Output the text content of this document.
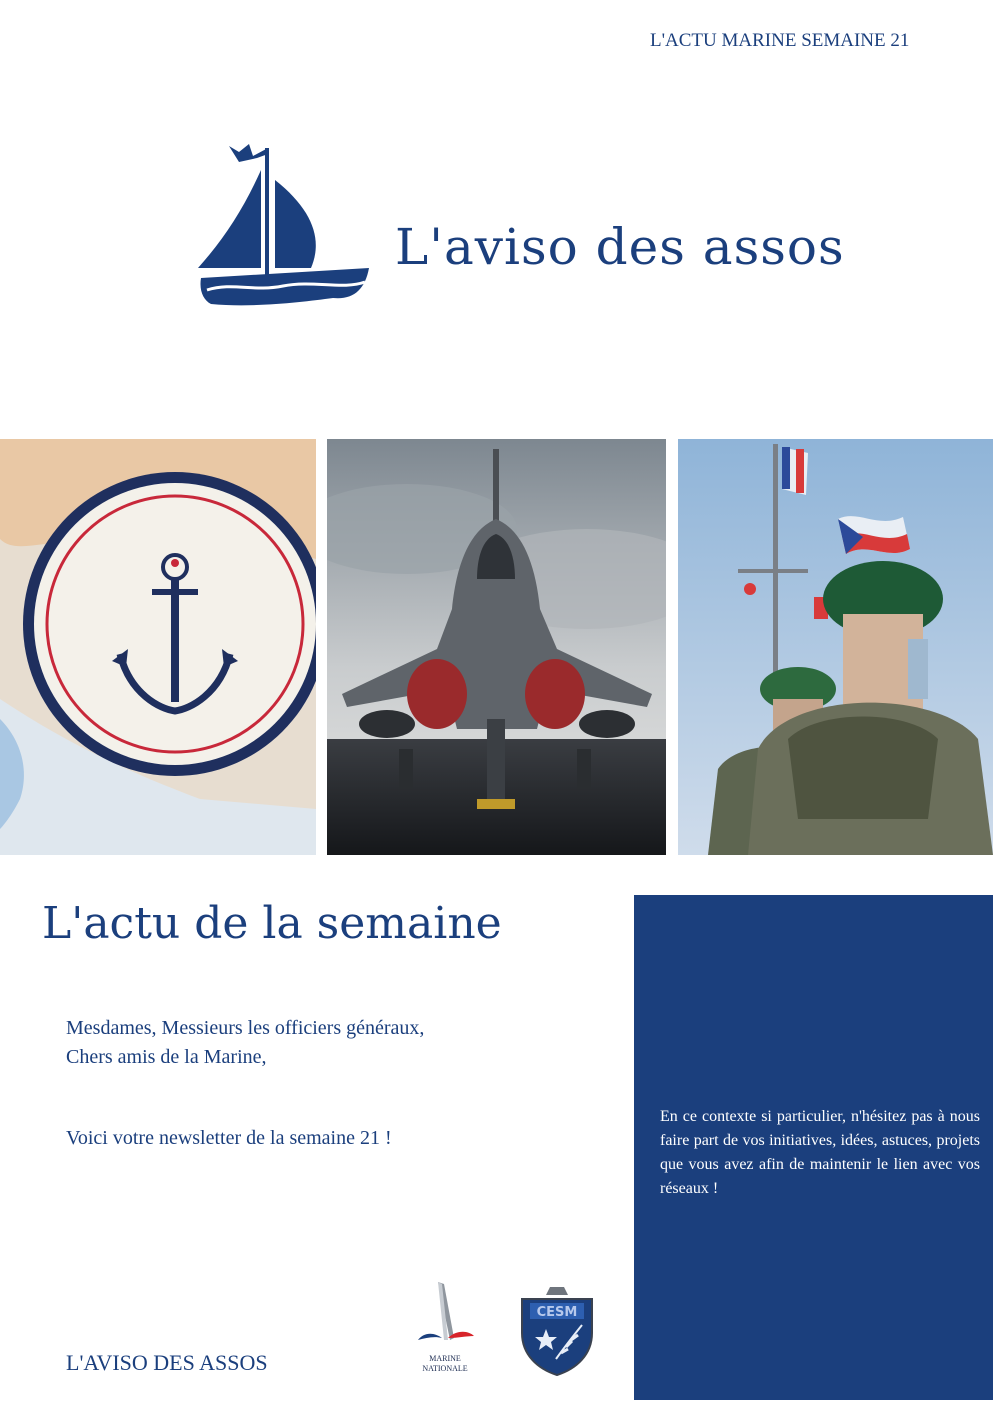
L'ACTU MARINE SEMAINE 21
L'aviso des assos
L'actu de la semaine
Mesdames, Messieurs les officiers généraux,
Chers amis de la Marine,
Voici votre newsletter de la semaine 21 !
MARINE
NATIONALE
CESM
L'AVISO DES ASSOS
En ce contexte si particulier, n'hésitez pas à nous faire part de vos initiatives, idées, astuces, projets que vous avez afin de maintenir le lien avec vos réseaux !
